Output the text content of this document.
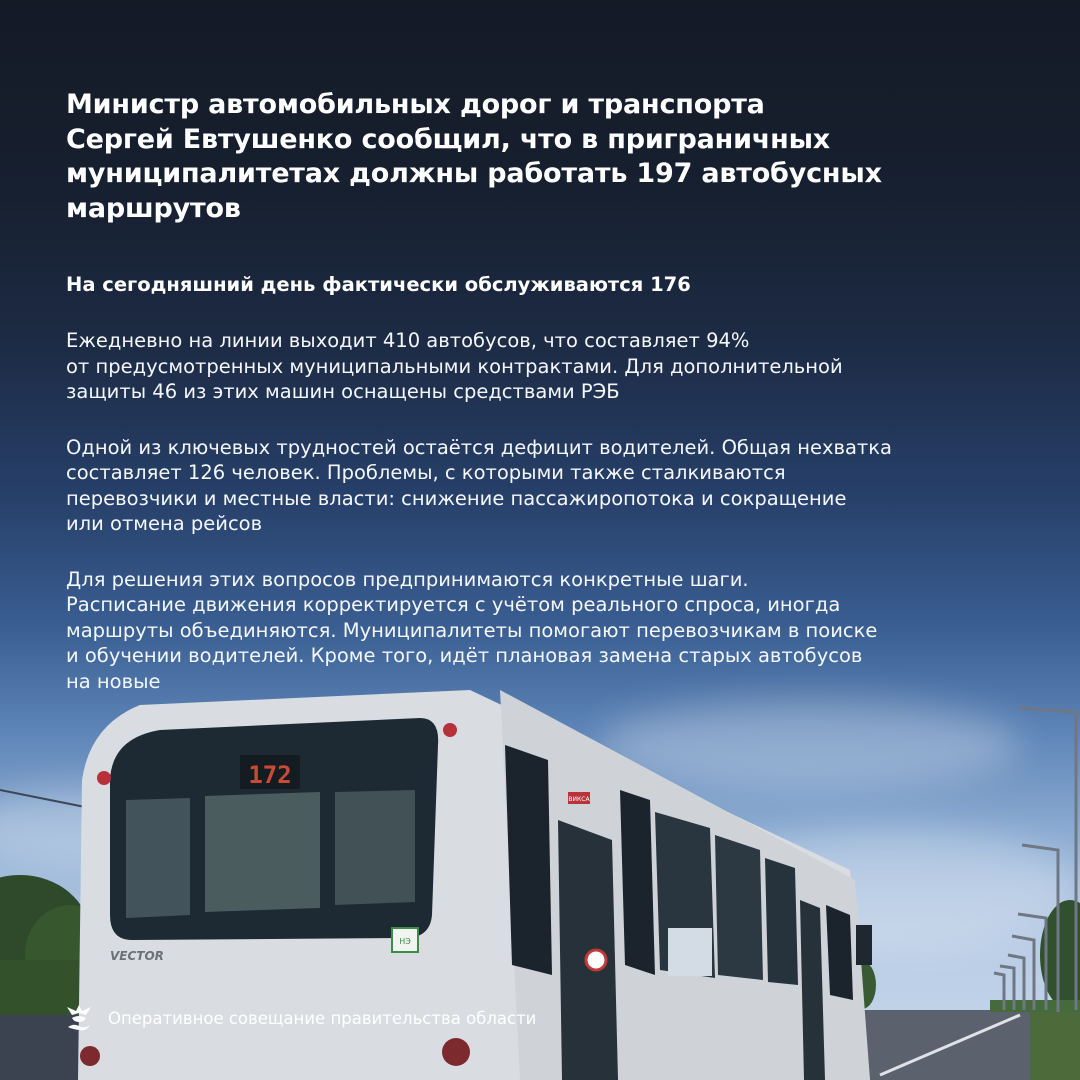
172
VECTOR
НЭ
ВИКСА
Министр автомобильных дорог и транспорта
Сергей Евтушенко сообщил, что в приграничных
муниципалитетах должны работать 197 автобусных
маршрутов

На сегодняшний день фактически обслуживаются 176

Ежедневно на линии выходит 410 автобусов, что составляет 94%
от предусмотренных муниципальными контрактами. Для дополнительной
защиты 46 из этих машин оснащены средствами РЭБ

Одной из ключевых трудностей остаётся дефицит водителей. Общая нехватка
составляет 126 человек. Проблемы, с которыми также сталкиваются
перевозчики и местные власти: снижение пассажиропотока и сокращение
или отмена рейсов

Для решения этих вопросов предпринимаются конкретные шаги.
Расписание движения корректируется с учётом реального спроса, иногда
маршруты объединяются. Муниципалитеты помогают перевозчикам в поиске
и обучении водителей. Кроме того, идёт плановая замена старых автобусов
на новые

Оперативное совещание правительства области
